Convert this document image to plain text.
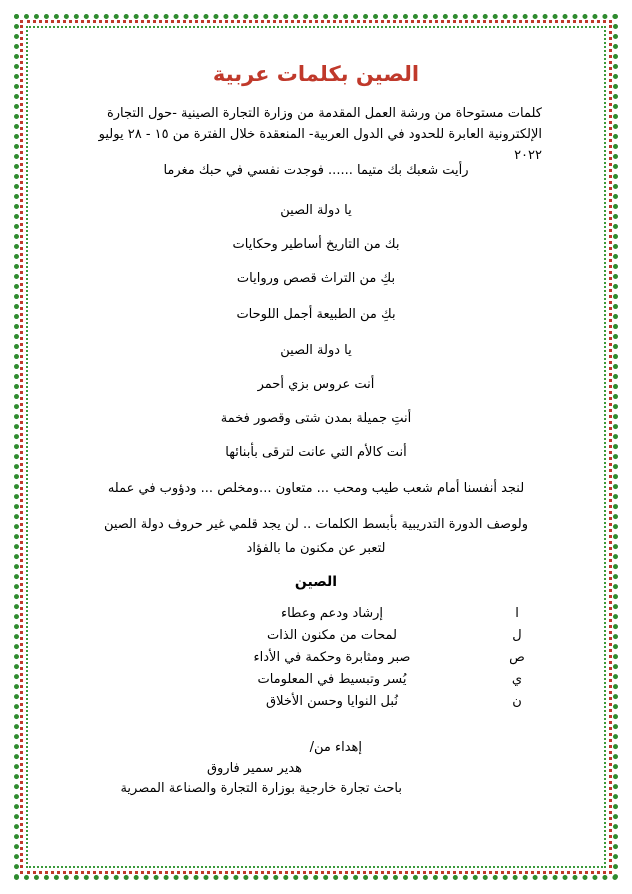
الصين بكلمات عربية
كلمات مستوحاة من ورشة العمل المقدمة من وزارة التجارة الصينية -حول التجارة الإلكترونية العابرة للحدود في الدول العربية- المنعقدة خلال الفترة من ١٥ - ٢٨ يوليو ٢٠٢٢
رأيت شعبك بك متيما ...... فوجدت نفسي في حبك مغرما
يا دولة الصين
بك من التاريخ أساطير وحكايات
بكِ من التراث قصص وروايات
بكِ من الطبيعة أجمل اللوحات
يا دولة الصين
أنت عروس بزي أحمر
أنتِ جميلة بمدن شتى وقصور فخمة
أنت كالأم التي عانت لترقى بأبنائها
لنجد أنفسنا أمام شعب طيب ومحب ... متعاون ...ومخلص ... ودؤوب في عمله
ولوصف الدورة التدريبية بأبسط الكلمات .. لن يجد قلمي غير حروف دولة الصين
لتعبر عن مكنون ما بالفؤاد
الصين
ا
إرشاد ودعم وعطاء
ل
لمحات من مكنون الذات
ص
صبر ومثابرة وحكمة في الأداء
ي
يُسر وتبسيط في المعلومات
ن
نُبل النوايا وحسن الأخلاق
إهداء من/
هدير سمير فاروق
باحث تجارة خارجية بوزارة التجارة والصناعة المصرية
